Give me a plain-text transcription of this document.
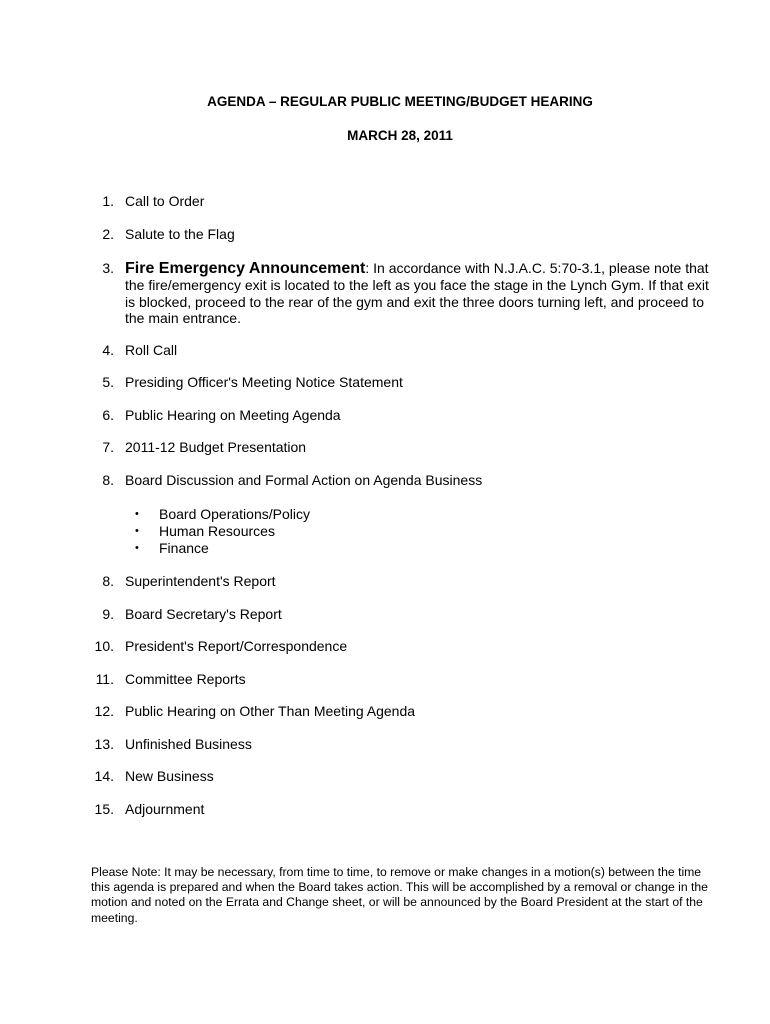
AGENDA – REGULAR PUBLIC MEETING/BUDGET HEARING
MARCH 28, 2011
1. Call to Order
2. Salute to the Flag
3. Fire Emergency Announcement: In accordance with N.J.A.C. 5:70-3.1, please note that the fire/emergency exit is located to the left as you face the stage in the Lynch Gym. If that exit is blocked, proceed to the rear of the gym and exit the three doors turning left, and proceed to the main entrance.
4. Roll Call
5. Presiding Officer's Meeting Notice Statement
6. Public Hearing on Meeting Agenda
7. 2011-12 Budget Presentation
8. Board Discussion and Formal Action on Agenda Business
• Board Operations/Policy
• Human Resources
• Finance
8. Superintendent's Report
9. Board Secretary's Report
10. President's Report/Correspondence
11. Committee Reports
12. Public Hearing on Other Than Meeting Agenda
13. Unfinished Business
14. New Business
15. Adjournment
Please Note: It may be necessary, from time to time, to remove or make changes in a motion(s) between the time this agenda is prepared and when the Board takes action. This will be accomplished by a removal or change in the motion and noted on the Errata and Change sheet, or will be announced by the Board President at the start of the meeting.
